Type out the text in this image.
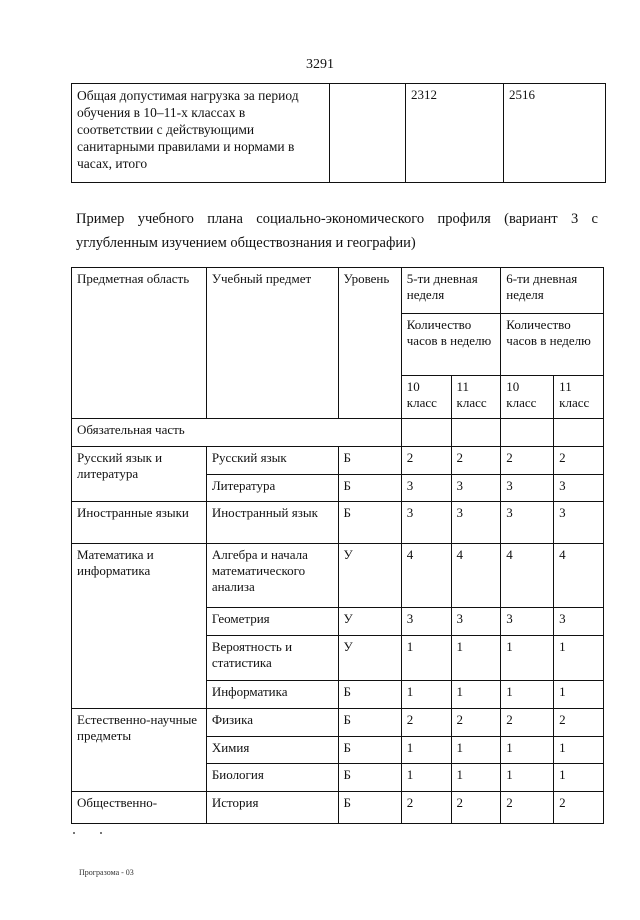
3291
Общая допустимая нагрузка за период обучения в 10–11-х классах в соответствии с действующими санитарными правилами и нормами в часах, итого		2312	2516
Пример учебного плана социально-экономического профиля (вариант 3 с углубленным изучением обществознания и географии)
Предметная область	Учебный предмет	Уровень	5-ти дневная неделя		6-ти дневная неделя	
			Количество часов в неделю		Количество часов в неделю	
			10 класс	11 класс	10 класс	11 класс
Обязательная часть						
Русский язык и литература	Русский язык	Б	2	2	2	2
	Литература	Б	3	3	3	3
Иностранные языки	Иностранный язык	Б	3	3	3	3
Математика и информатика	Алгебра и начала математического анализа	У	4	4	4	4
	Геометрия	У	3	3	3	3
	Вероятность и статистика	У	1	1	1	1
	Информатика	Б	1	1	1	1
Естественно-научные предметы	Физика	Б	2	2	2	2
	Химия	Б	1	1	1	1
	Биология	Б	1	1	1	1
Общественно-	История	Б	2	2	2	2
Програзома - 03
